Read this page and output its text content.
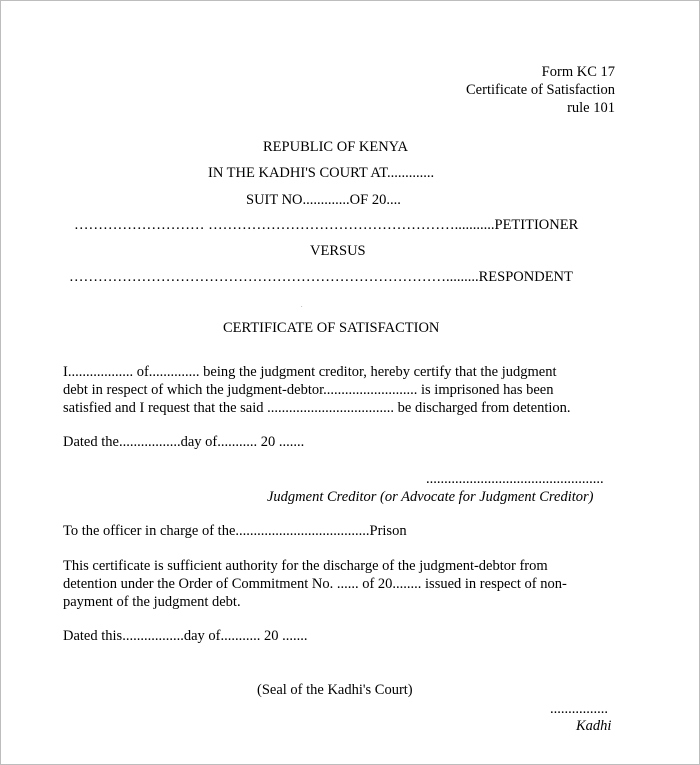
Form KC 17
Certificate of Satisfaction
rule 101
REPUBLIC OF KENYA
IN THE KADHI'S COURT AT.............
SUIT NO.............OF 20....
……………………… ……………………………………………...........PETITIONER
VERSUS
…………………………………………………………………….........RESPONDENT
.
CERTIFICATE OF SATISFACTION
I.................. of.............. being the judgment creditor, hereby certify that the judgment
debt in respect of which the judgment-debtor.......................... is imprisoned has been
satisfied and I request that the said ................................... be discharged from detention.
Dated the.................day of........... 20 .......
.................................................
Judgment Creditor (or Advocate for Judgment Creditor)
To the officer in charge of the.....................................Prison
This certificate is sufficient authority for the discharge of the judgment-debtor from
detention under the Order of Commitment No. ...... of 20........ issued in respect of non-
payment of the judgment debt.
Dated this.................day of........... 20 .......
(Seal of the Kadhi's Court)
................
Kadhi
